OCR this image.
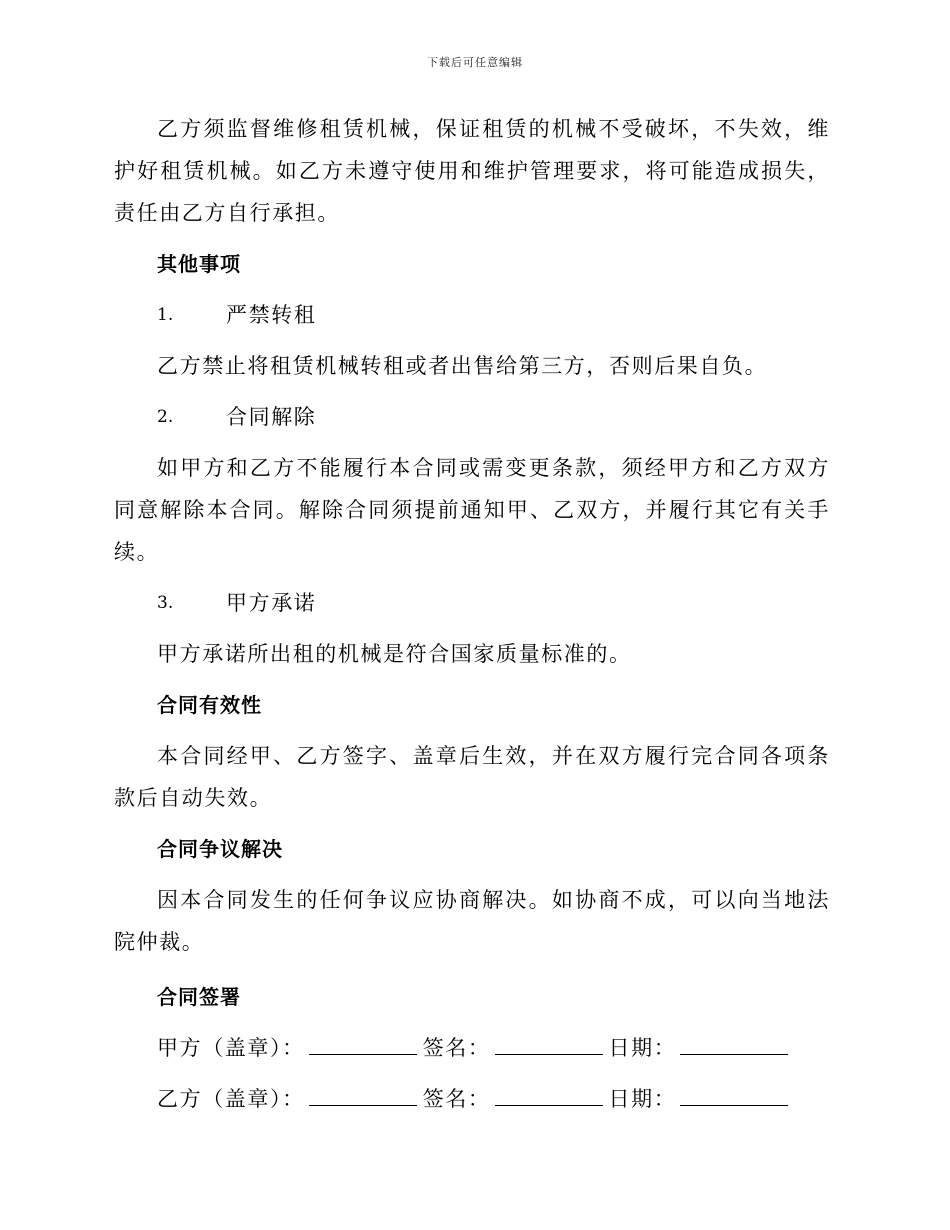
下载后可任意编辑

乙方须监督维修租赁机械，保证租赁的机械不受破坏，不失效，维护好租赁机械。如乙方未遵守使用和维护管理要求，将可能造成损失，责任由乙方自行承担。

其他事项
1.	严禁转租

乙方禁止将租赁机械转租或者出售给第三方，否则后果自负。

2.	合同解除

如甲方和乙方不能履行本合同或需变更条款，须经甲方和乙方双方同意解除本合同。解除合同须提前通知甲、乙双方，并履行其它有关手续。

3.	甲方承诺

甲方承诺所出租的机械是符合国家质量标准的。

合同有效性

本合同经甲、乙方签字、盖章后生效，并在双方履行完合同各项条款后自动失效。

合同争议解决

因本合同发生的任何争议应协商解决。如协商不成，可以向当地法院仲裁。

合同签署
甲方（盖章）：	签名：	日期：
乙方（盖章）：	签名：	日期：
